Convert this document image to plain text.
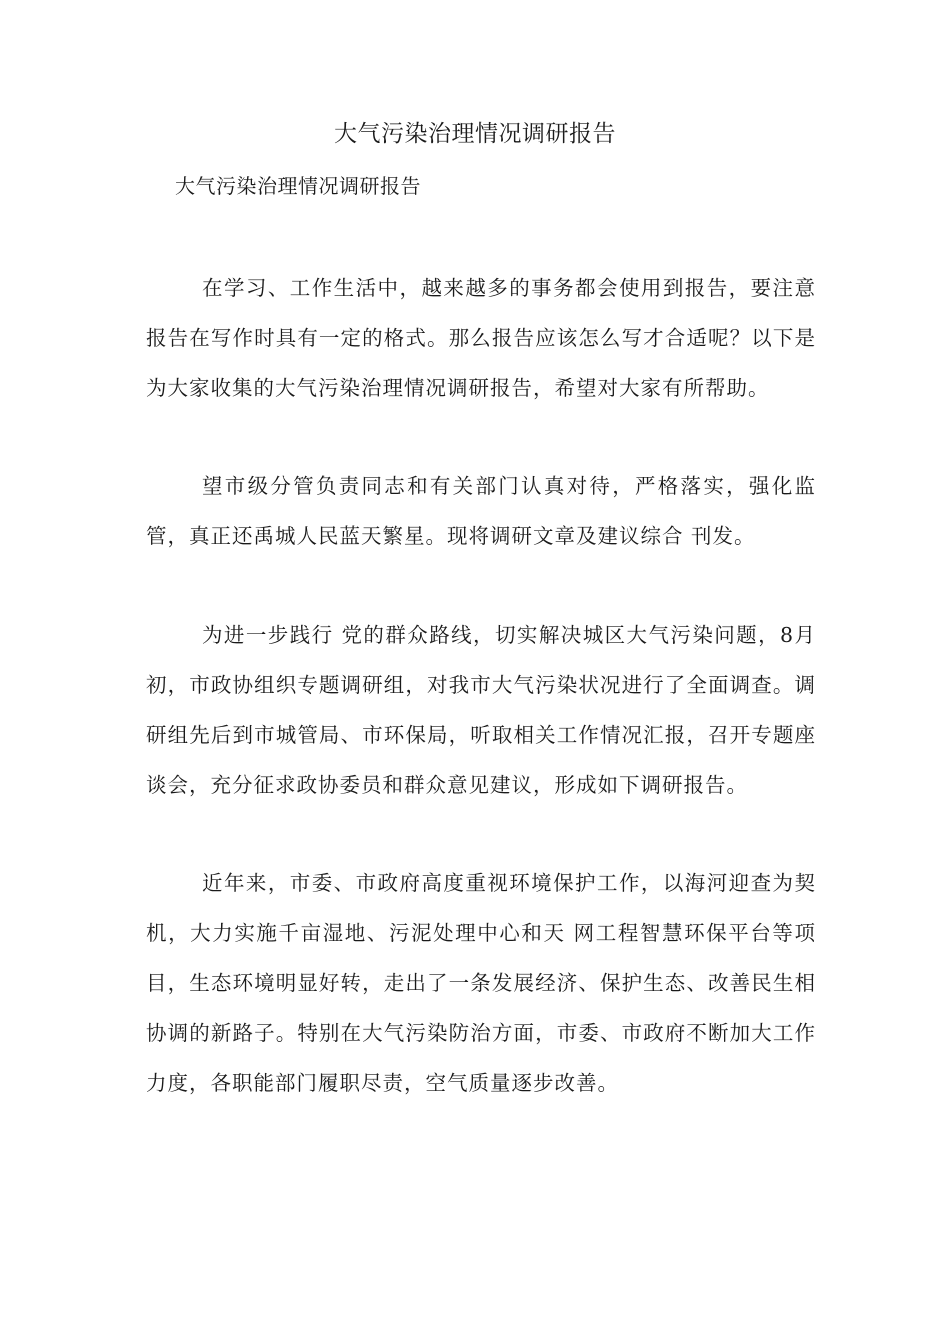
大气污染治理情况调研报告
大气污染治理情况调研报告

在学习、工作生活中，越来越多的事务都会使用到报告，要注意报告在写作时具有一定的格式。那么报告应该怎么写才合适呢？以下是为大家收集的大气污染治理情况调研报告，希望对大家有所帮助。

望市级分管负责同志和有关部门认真对待，严格落实，强化监管，真正还禹城人民蓝天繁星。现将调研文章及建议综合 刊发。

为进一步践行 党的群众路线，切实解决城区大气污染问题，8月初，市政协组织专题调研组，对我市大气污染状况进行了全面调查。调研组先后到市城管局、市环保局，听取相关工作情况汇报，召开专题座谈会，充分征求政协委员和群众意见建议，形成如下调研报告。

近年来，市委、市政府高度重视环境保护工作，以海河迎查为契机，大力实施千亩湿地、污泥处理中心和天 网工程智慧环保平台等项目，生态环境明显好转，走出了一条发展经济、保护生态、改善民生相协调的新路子。特别在大气污染防治方面，市委、市政府不断加大工作力度，各职能部门履职尽责，空气质量逐步改善。
